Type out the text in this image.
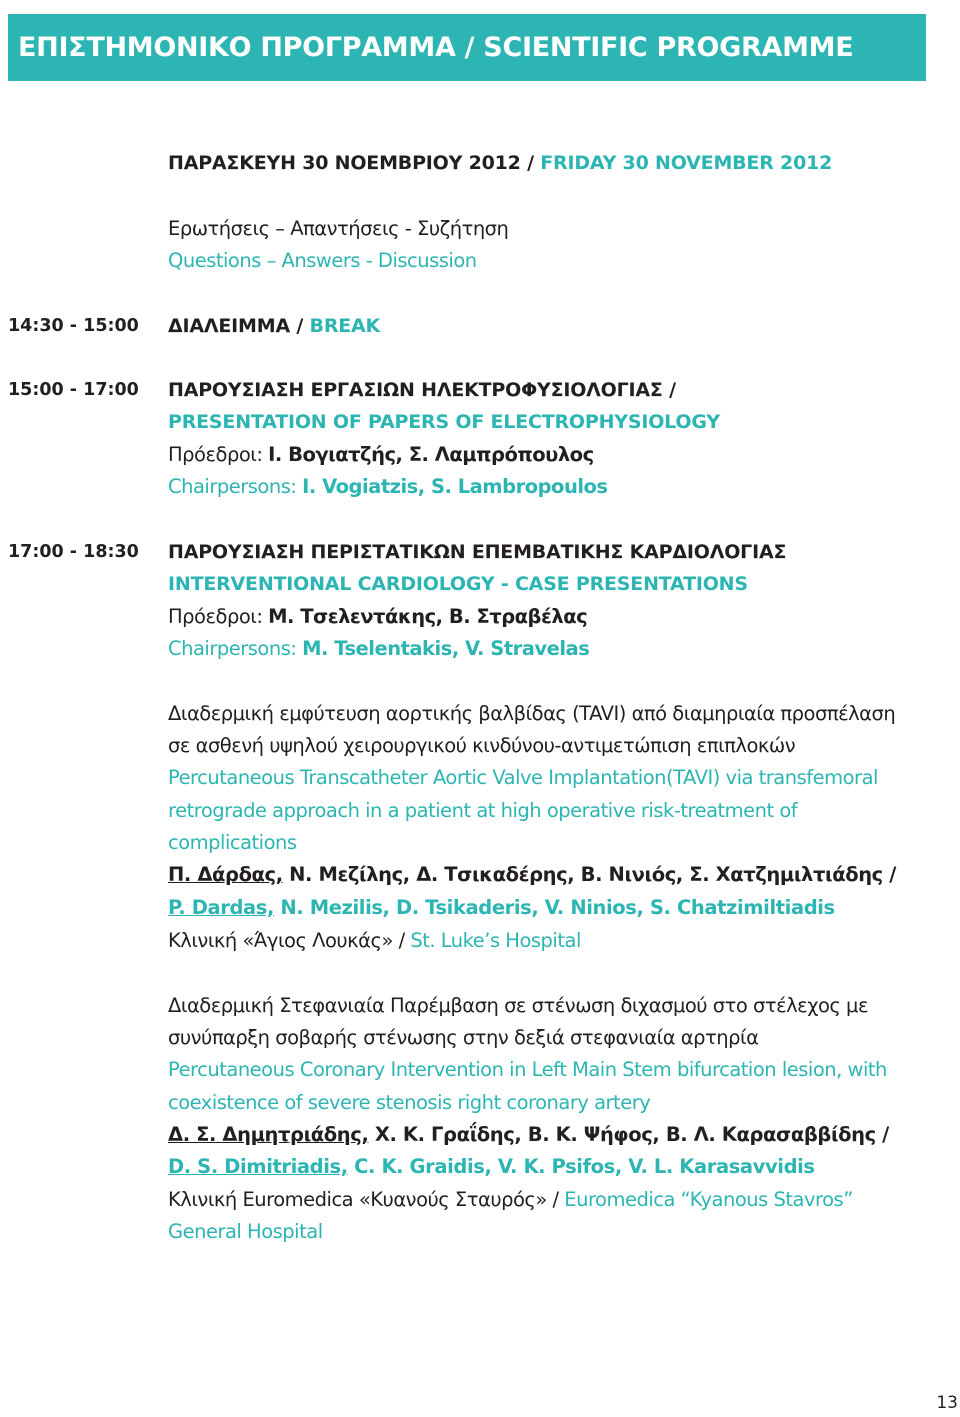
ΕΠΙΣΤΗΜΟΝΙΚΟ ΠΡΟΓΡΑΜΜΑ / SCIENTIFIC PROGRAMME
ΠΑΡΑΣΚΕΥΗ 30 ΝΟΕΜΒΡΙΟΥ 2012 / FRIDAY 30 NOVEMBER 2012
Ερωτήσεις – Απαντήσεις - Συζήτηση
Questions – Answers - Discussion
14:30 - 15:00 ΔΙΑΛΕΙΜΜΑ / BREAK
15:00 - 17:00 ΠΑΡΟΥΣΙΑΣΗ ΕΡΓΑΣΙΩΝ ΗΛΕΚΤΡΟΦΥΣΙΟΛΟΓΙΑΣ /
PRESENTATION OF PAPERS OF ELECTROPHYSIOLOGY
Πρόεδροι: Ι. Βογιατζής, Σ. Λαμπρόπουλος
Chairpersons: I. Vogiatzis, S. Lambropoulos
17:00 - 18:30 ΠΑΡΟΥΣΙΑΣΗ ΠΕΡΙΣΤΑΤΙΚΩΝ ΕΠΕΜΒΑΤΙΚΗΣ ΚΑΡΔΙΟΛΟΓΙΑΣ
INTERVENTIONAL CARDIOLOGY - CASE PRESENTATIONS
Πρόεδροι: Μ. Τσελεντάκης, Β. Στραβέλας
Chairpersons: M. Tselentakis, V. Stravelas
Διαδερμική εμφύτευση αορτικής βαλβίδας (TAVI) από διαμηριαία προσπέλαση
σε ασθενή υψηλού χειρουργικού κινδύνου-αντιμετώπιση επιπλοκών
Percutaneous Transcatheter Aortic Valve Implantation(TAVI) via transfemoral
retrograde approach in a patient at high operative risk-treatment of
complications
Π. Δάρδας, Ν. Μεζίλης, Δ. Τσικαδέρης, Β. Νινιός, Σ. Χατζημιλτιάδης /
P. Dardas, N. Mezilis, D. Tsikaderis, V. Ninios, S. Chatzimiltiadis
Κλινική «Άγιος Λουκάς» / St. Luke’s Hospital
Διαδερμική Στεφανιαία Παρέμβαση σε στένωση διχασμού στο στέλεχος με
συνύπαρξη σοβαρής στένωσης στην δεξιά στεφανιαία αρτηρία
Percutaneous Coronary Intervention in Left Main Stem bifurcation lesion, with
coexistence of severe stenosis right coronary artery
Δ. Σ. Δημητριάδης, Χ. Κ. Γραΐδης, Β. Κ. Ψήφος, Β. Λ. Καρασαββίδης /
D. S. Dimitriadis, C. K. Graidis, V. K. Psifos, V. L. Karasavvidis
Κλινική Euromedica «Κυανούς Σταυρός» / Euromedica “Kyanous Stavros”
General Hospital
13
